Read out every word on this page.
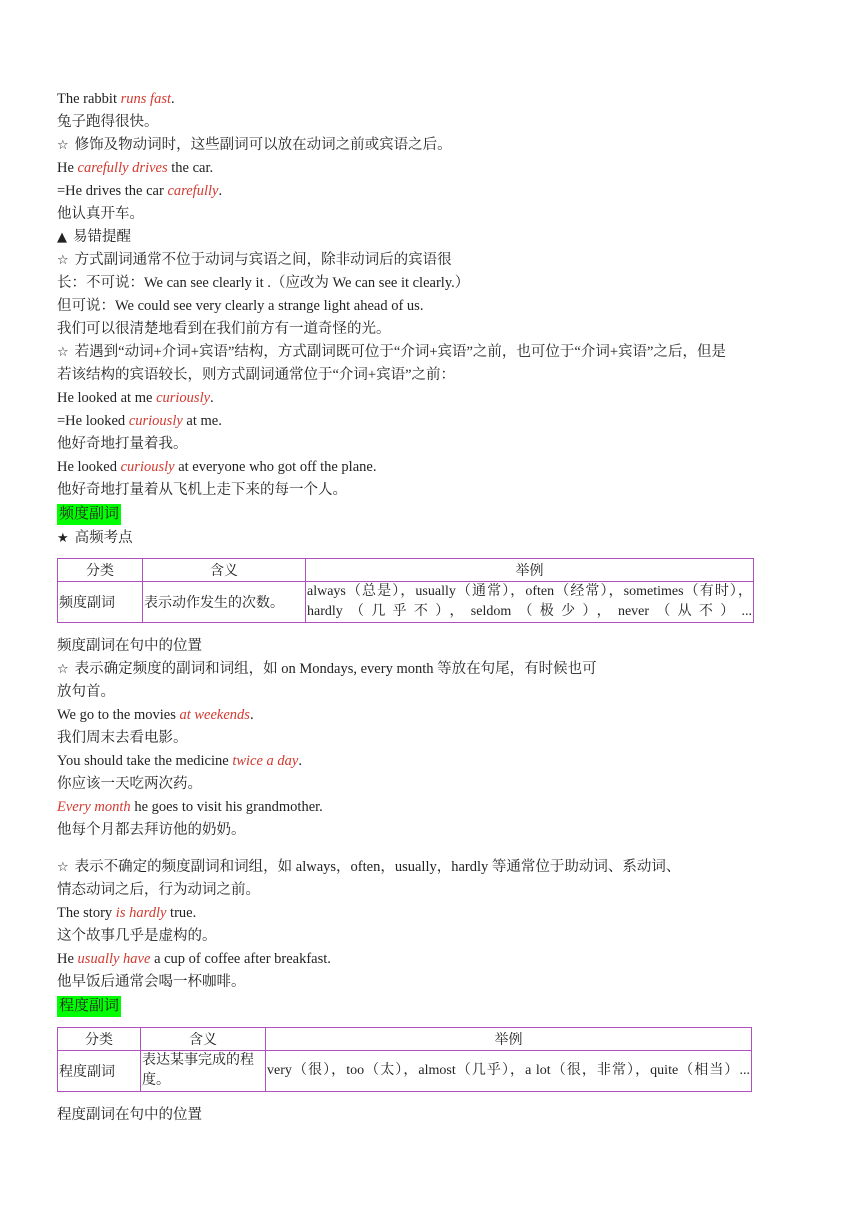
The rabbit runs fast.
兔子跑得很快。
☆ 修饰及物动词时，这些副词可以放在动词之前或宾语之后。
He carefully drives the car.
=He drives the car carefully.
他认真开车。
▲ 易错提醒
☆ 方式副词通常不位于动词与宾语之间，除非动词后的宾语很
长：不可说：We can see clearly it .（应改为 We can see it clearly.）
但可说：We could see very clearly a strange light ahead of us.
我们可以很清楚地看到在我们前方有一道奇怪的光。
☆ 若遇到“动词+介词+宾语”结构，方式副词既可位于“介词+宾语”之前，也可位于“介词+宾语”之后，但是
若该结构的宾语较长，则方式副词通常位于“介词+宾语”之前：
He looked at me curiously.
=He looked curiously at me.
他好奇地打量着我。
He looked curiously at everyone who got off the plane.
他好奇地打量着从飞机上走下来的每一个人。
频度副词
★ 高频考点
分类	含义	举例
频度副词	表示动作发生的次数。	always（总是），usually（通常），often（经常），sometimes（有时），hardly（几乎不），seldom（极少），never（从不）...
频度副词在句中的位置
☆ 表示确定频度的副词和词组，如 on Mondays, every month 等放在句尾，有时候也可
放句首。
We go to the movies at weekends.
我们周末去看电影。
You should take the medicine twice a day.
你应该一天吃两次药。
Every month he goes to visit his grandmother.
他每个月都去拜访他的奶奶。
☆ 表示不确定的频度副词和词组，如 always，often，usually，hardly 等通常位于助动词、系动词、
情态动词之后，行为动词之前。
The story is hardly true.
这个故事几乎是虚构的。
He usually have a cup of coffee after breakfast.
他早饭后通常会喝一杯咖啡。
程度副词
分类	含义	举例
程度副词	表达某事完成的程度。	very（很），too（太），almost（几乎），a lot（很，非常），quite（相当）...
程度副词在句中的位置
